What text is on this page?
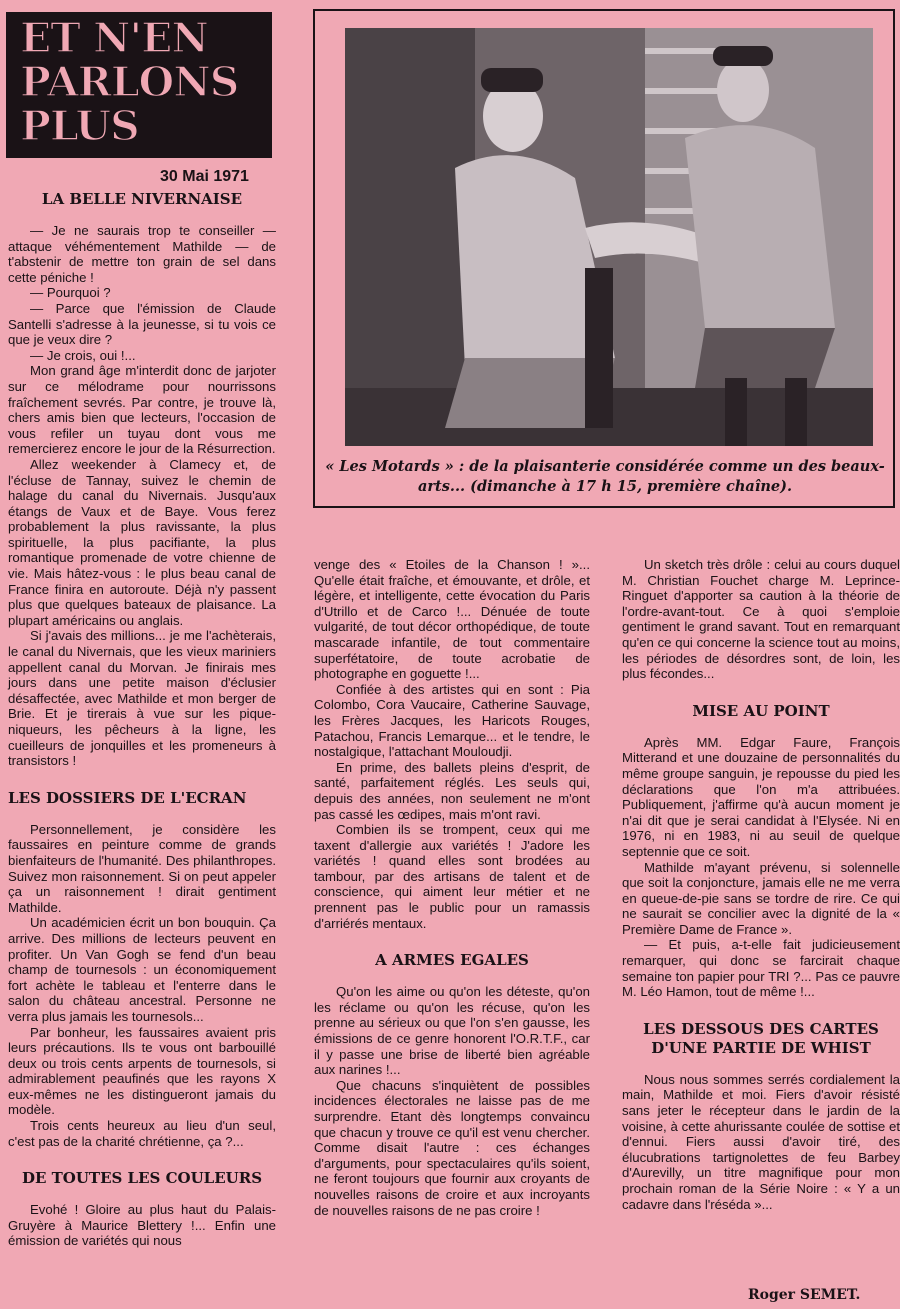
ET N'EN
PARLONS
PLUS
30 Mai 1971
« Les Motards » : de la plaisanterie considérée comme un des beaux-arts... (dimanche à 17 h 15, première chaîne).
LA BELLE NIVERNAISE

— Je ne saurais trop te conseiller — attaque véhémentement Mathilde — de t'abstenir de mettre ton grain de sel dans cette péniche !

— Pourquoi ?

— Parce que l'émission de Claude Santelli s'adresse à la jeunesse, si tu vois ce que je veux dire ?

— Je crois, oui !...

Mon grand âge m'interdit donc de jarjoter sur ce mélodrame pour nourrissons fraîchement sevrés. Par contre, je trouve là, chers amis bien que lecteurs, l'occasion de vous refiler un tuyau dont vous me remercierez encore le jour de la Résurrection.

Allez weekender à Clamecy et, de l'écluse de Tannay, suivez le chemin de halage du canal du Nivernais. Jusqu'aux étangs de Vaux et de Baye. Vous ferez probablement la plus ravissante, la plus spirituelle, la plus pacifiante, la plus romantique promenade de votre chienne de vie. Mais hâtez-vous : le plus beau canal de France finira en autoroute. Déjà n'y passent plus que quelques bateaux de plaisance. La plupart américains ou anglais.

Si j'avais des millions... je me l'achèterais, le canal du Nivernais, que les vieux mariniers appellent canal du Morvan. Je finirais mes jours dans une petite maison d'éclusier désaffectée, avec Mathilde et mon berger de Brie. Et je tirerais à vue sur les pique-niqueurs, les pêcheurs à la ligne, les cueilleurs de jonquilles et les promeneurs à transistors !

LES DOSSIERS DE L'ECRAN

Personnellement, je considère les faussaires en peinture comme de grands bienfaiteurs de l'humanité. Des philanthropes. Suivez mon raisonnement. Si on peut appeler ça un raisonnement ! dirait gentiment Mathilde.

Un académicien écrit un bon bouquin. Ça arrive. Des millions de lecteurs peuvent en profiter. Un Van Gogh se fend d'un beau champ de tournesols : un économiquement fort achète le tableau et l'enterre dans le salon du château ancestral. Personne ne verra plus jamais les tournesols...

Par bonheur, les faussaires avaient pris leurs précautions. Ils te vous ont barbouillé deux ou trois cents arpents de tournesols, si admirablement peaufinés que les rayons X eux-mêmes ne les distingueront jamais du modèle.

Trois cents heureux au lieu d'un seul, c'est pas de la charité chrétienne, ça ?...

DE TOUTES LES COULEURS

Evohé ! Gloire au plus haut du Palais-Gruyère à Maurice Blettery !... Enfin une émission de variétés qui nous

venge des « Etoiles de la Chanson ! »... Qu'elle était fraîche, et émouvante, et drôle, et légère, et intelligente, cette évocation du Paris d'Utrillo et de Carco !... Dénuée de toute vulgarité, de tout décor orthopédique, de toute mascarade infantile, de tout commentaire superfétatoire, de toute acrobatie de photographe en goguette !...

Confiée à des artistes qui en sont : Pia Colombo, Cora Vaucaire, Catherine Sauvage, les Frères Jacques, les Haricots Rouges, Patachou, Francis Lemarque... et le tendre, le nostalgique, l'attachant Mouloudji.

En prime, des ballets pleins d'esprit, de santé, parfaitement réglés. Les seuls qui, depuis des années, non seulement ne m'ont pas cassé les œdipes, mais m'ont ravi.

Combien ils se trompent, ceux qui me taxent d'allergie aux variétés ! J'adore les variétés ! quand elles sont brodées au tambour, par des artisans de talent et de conscience, qui aiment leur métier et ne prennent pas le public pour un ramassis d'arriérés mentaux.

A ARMES EGALES

Qu'on les aime ou qu'on les déteste, qu'on les réclame ou qu'on les récuse, qu'on les prenne au sérieux ou que l'on s'en gausse, les émissions de ce genre honorent l'O.R.T.F., car il y passe une brise de liberté bien agréable aux narines !...

Que chacuns s'inquiètent de possibles incidences électorales ne laisse pas de me surprendre. Etant dès longtemps convaincu que chacun y trouve ce qu'il est venu chercher. Comme disait l'autre : ces échanges d'arguments, pour spectaculaires qu'ils soient, ne feront toujours que fournir aux croyants de nouvelles raisons de croire et aux incroyants de nouvelles raisons de ne pas croire !

Un sketch très drôle : celui au cours duquel M. Christian Fouchet charge M. Leprince-Ringuet d'apporter sa caution à la théorie de l'ordre-avant-tout. Ce à quoi s'emploie gentiment le grand savant. Tout en remarquant qu'en ce qui concerne la science tout au moins, les périodes de désordres sont, de loin, les plus fécondes...

MISE AU POINT

Après MM. Edgar Faure, François Mitterand et une douzaine de personnalités du même groupe sanguin, je repousse du pied les déclarations que l'on m'a attribuées. Publiquement, j'affirme qu'à aucun moment je n'ai dit que je serai candidat à l'Elysée. Ni en 1976, ni en 1983, ni au seuil de quelque septennie que ce soit.

Mathilde m'ayant prévenu, si solennelle que soit la conjoncture, jamais elle ne me verra en queue-de-pie sans se tordre de rire. Ce qui ne saurait se concilier avec la dignité de la « Première Dame de France ».

— Et puis, a-t-elle fait judicieusement remarquer, qui donc se farcirait chaque semaine ton papier pour TRI ?... Pas ce pauvre M. Léo Hamon, tout de même !...

LES DESSOUS DES CARTES
D'UNE PARTIE DE WHIST

Nous nous sommes serrés cordialement la main, Mathilde et moi. Fiers d'avoir résisté sans jeter le récepteur dans le jardin de la voisine, à cette ahurissante coulée de sottise et d'ennui. Fiers aussi d'avoir tiré, des élucubrations tartignolettes de feu Barbey d'Aurevilly, un titre magnifique pour mon prochain roman de la Série Noire : « Y a un cadavre dans l'réséda »...

Roger SEMET.
